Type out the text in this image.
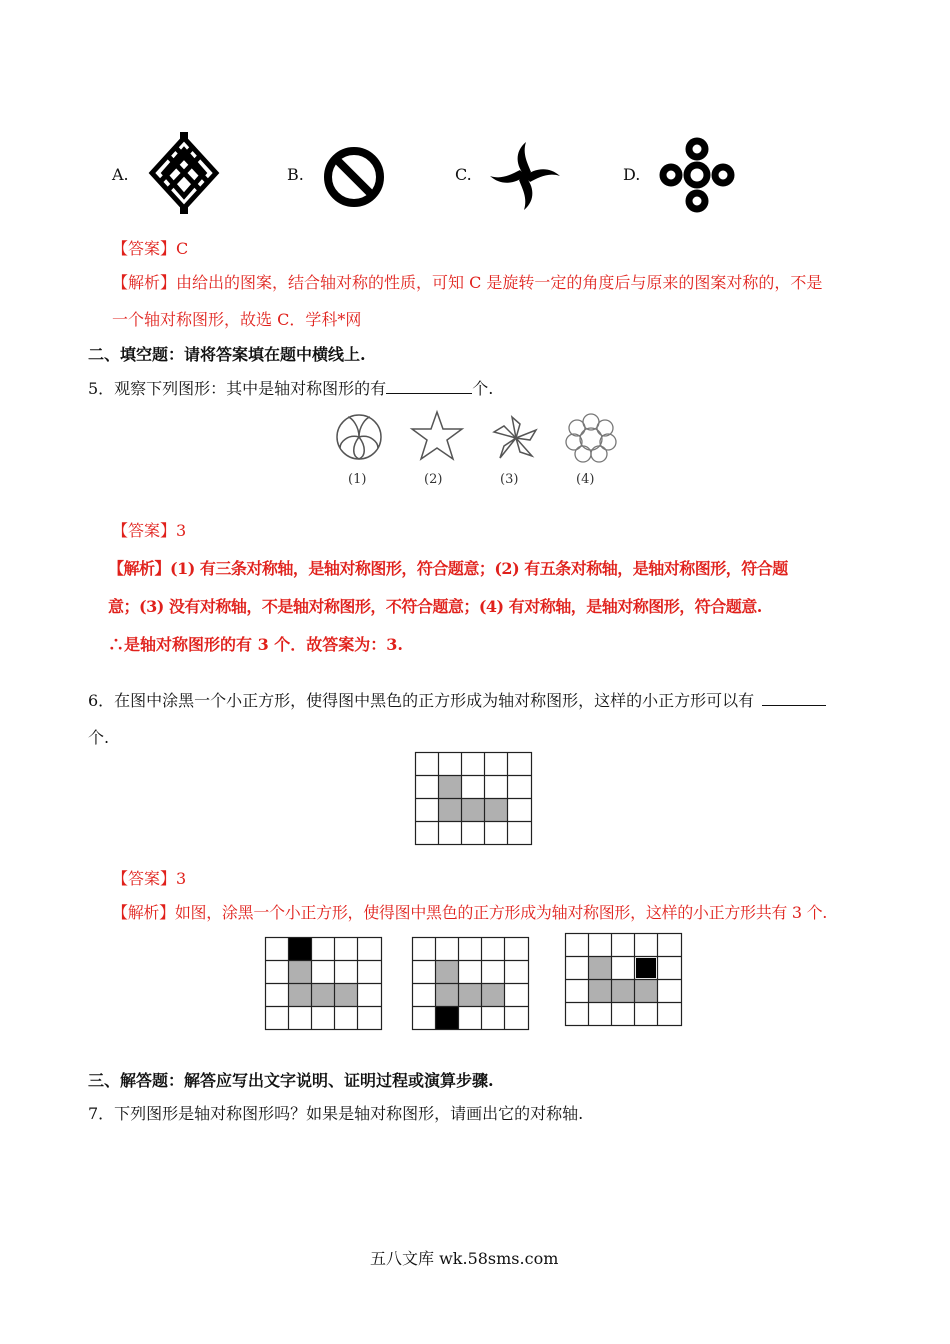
A.	B.	C.	D.
【答案】C
【解析】由给出的图案，结合轴对称的性质，可知 C 是旋转一定的角度后与原来的图案对称的，不是
一个轴对称图形，故选 C．学科*网
二、填空题：请将答案填在题中横线上.
5．观察下列图形：其中是轴对称图形的有	个.
(1)	(2)	(3)	(4)
【答案】3
【解析】(1) 有三条对称轴，是轴对称图形，符合题意；(2) 有五条对称轴，是轴对称图形，符合题
意；(3) 没有对称轴，不是轴对称图形，不符合题意；(4) 有对称轴，是轴对称图形，符合题意.
∴是轴对称图形的有 3 个．故答案为：3.
6．在图中涂黑一个小正方形，使得图中黑色的正方形成为轴对称图形，这样的小正方形可以有
个.
【答案】3
【解析】如图，涂黑一个小正方形，使得图中黑色的正方形成为轴对称图形，这样的小正方形共有 3 个.
三、解答题：解答应写出文字说明、证明过程或演算步骤.
7．下列图形是轴对称图形吗？如果是轴对称图形，请画出它的对称轴.
五八文库 wk.58sms.com
